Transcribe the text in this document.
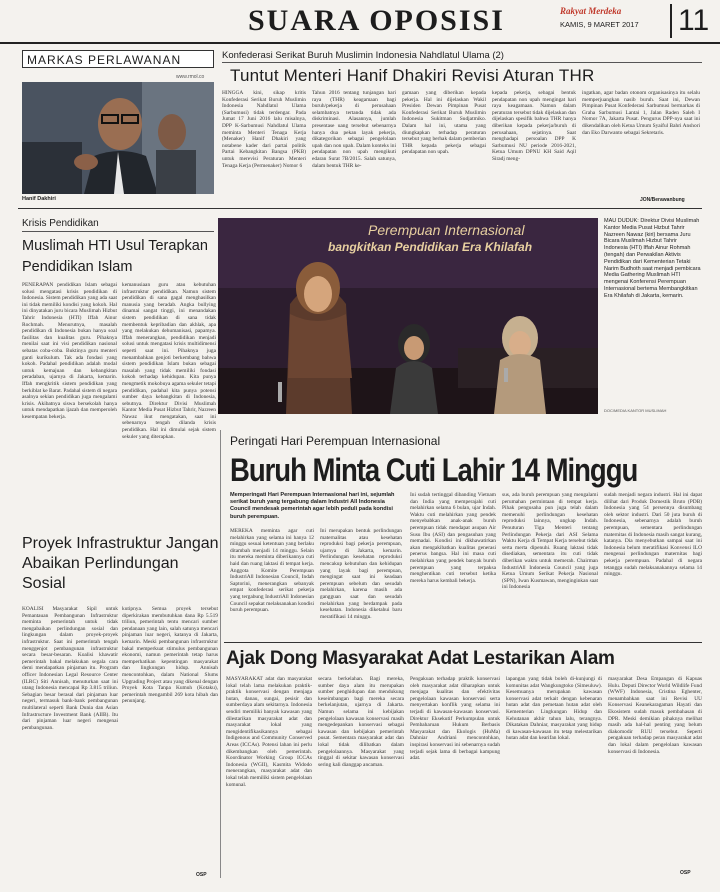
SUARA OPOSISI	Rakyat Merdeka
KAMIS, 9 MARET 2017 11
MARKAS PERLAWANAN
www.rmol.co
Hanif Dakhiri
Konfederasi Serikat Buruh Muslimin Indonesia Nahdlatul Ulama (2)
Tuntut Menteri Hanif Dhakiri Revisi Aturan THR
HINGGA kini, sikap kritis Konfederasi Serikat Buruh Muslimin Indonesia Nahdlatul Ulama (Sarbumusi) tidak terdengar. Pada Jumat 17 Juni 2016 lalu misalnya, DPP K-Sarbumusi Nahdlatul Ulama meminta Menteri Tenaga Kerja (Menaker) Hanif Dhakiri yang notabene kader dari partai politik Partai Kebangkitan Bangsa (PKB) untuk merevisi Peraturan Menteri Tenaga Kerja (Permenaker) Nomor 6
Tahun 2016 tentang tunjangan hari raya (THR) keagamaan bagi buruh/pekerja di perusahaan selambatnya tertanda tidak ada diskriminasi. Alasannya, jumlah presentase uang tersebut sebenarnya hanya dua pekan layak pekerja, dikategorikan sebagai pengelolaan upah dan non upah. Dalam konteks ini pendapatan non upah mengikuti edaran Surat 7B/2015. Salah satunya, dalam bentuk THR ke-
gamaan yang diberikan kepada pekerja. Hal ini dijelaskan Wakil Presiden Dewan Pimpinan Pusat Konfederasi Serikat Buruh Muslimin Indonesia Sukitman Sudjatmiko. Dalam hal ini, utama yang diungkapkan terhadap peraturan tersebut yang berhak dalam pemberian THR kepada pekerja sebagai pendapatan non upah.
kepada pekerja, sebagai bentuk pendapatan non upah mengingat hari raya keagamaan. Namun dalam peraturan tersebut tidak dijelaskan dan dijelaskan spesifik bahwa THR hanya diberikan kepada pekerja/buruh di perusahaan, sejatinya. Saat menghadapi persoalan DPP K Sarbumusi NU periode 2016-2021, Ketua Umum DPNU KH Said Aqil Siradj meng-
ingatkan, agar badan otonom organisasinya itu selalu memperjuangkan nasib buruh. Saat ini, Dewan Pimpinan Pusat Konfederasi Sarbumusi bermarkas di Graha Sarbumusi Lantai 1, Jalan Raden Saleh I Nomor 7A, Jakarta Pusat. Pengurus DPP-nya saat ini dikendalikan oleh Ketua Umum Syaiful Bahri Anshori dan Eko Darwanto sebagai Sekretaris.
JON/Berawanbung
Krisis Pendidikan
Muslimah HTI Usul Terapkan Pendidikan Islam
PENERAPAN pendidikan Islam sebagai solusi mengatasi krisis pendidikan di Indonesia. Sistem pendidikan yang ada saat ini tidak memiliki kondisi yang kokoh. Hal ini dinyatakan juru bicara Muslimah Hizbut Tahrir Indonesia (HTI) Iffah Ainur Rochmah. Menurutnya, masalah pendidikan di Indonesia bukan hanya soal fasilitas dan kualitas guru. Pihaknya menilai saat ini visi pendidikan nasional sebatas coba-coba. Buktinya guru menteri ganti kurikulum. Tak ada fondasi yang kokoh. Padahal pendidikan adalah modal untuk kemajuan dan kebangkitan peradaban, ujarnya di Jakarta, kemarin. Iffah mengkritik sistem pendidikan yang berkiblat ke Barat. Padahal sistem di negara asalnya sekian pendidikan juga mengalami krisis. Akibatnya siswa bersekolah hanya untuk mendapatkan ijazah dan memperoleh kesempatan bekerja.
kemanusiaan guru atau kebutuhan infrastruktur pendidikan. Namun sistem pendidikan di sana gagal menghasilkan manusia yang beradab. Angka bullying dinamai sangat tinggi, ini menandakan sistem pendidikan di sana tidak membentuk kepribadian dan akhlak, apa yang melakukan dehumanisasi, papamya. Iffah menerangkan, pendidikan menjadi solusi untuk mengatasi krisis multidimensi seperti saat ini. Pihaknya juga menambahkan genjoti berkembang bahwa sistem pendidikan Islam bukan sebagai masalah yang tidak memiliki fondasi kokoh terhadap kehidupan. Kita punya mengmetik mokobuya agama sekuler tetapi pendidikan, padahal kita punya potensi sumber daya kebangkitan di Indonesia, sebutnya. Direktur Divisi Muslimah Kantor Media Pusat Hizbut Tahrir, Nazreen Nawaz ikut mengatakan, saat ini sebenarnya tengah dilanda krisis pendidikan. Hal ini dimulai sejak sistem sekuler yang diterapkan.
Perempuan Internasional
bangkitkan Pendidikan Era Khilafah
DOC/MEDIA KANTOR MUSLIMAH
MAU DUDUK: Direktur Divisi Muslimah Kantor Media Pusat Hizbut Tahrir Nazreen Nawaz (kiri) bersama Juru Bicara Muslimah Hizbut Tahrir Indonesia (HTI) Iffah Ainur Rohmah (tengah) dan Perwakilan Aktivis Pendidikan dari Kementerian Tetaki Narim Budhoth saat menjadi pembicara Media Gathering Muslimah HTI mengenai Konferensi Perempuan Internasional bertema Membangkitkan Era Khilafah di Jakarta, kemarin.
Peringati Hari Perempuan Internasional
Buruh Minta Cuti Lahir 14 Minggu
Memperingati Hari Perempuan Internasional hari ini, sejumlah serikat buruh yang tergabung dalam Industri All Indonesia Council mendesak pemerintah agar lebih peduli pada kondisi buruh perempuan.
MEREKA meminta agar cuti melahirkan yang selama ini hanya 12 minggu sesuai ketentuan yang berlaku ditambah menjadi 14 minggu. Selain itu mereka meminta diberikannya cuti haid dan ruang laktasi di tempat kerja. Anggota Komite Perempuan IndustriAll Indonesian Council, Indah Saptorini, menerangkan sebanyak empat konfederasi serikat pekerja yang tergabung IndustriAll Indonesian Council sepakat melaksanakan kondisi buruh perempuan.
Ini merupakan bentuk perlindungan maternalitas atau kesehatan reproduksi bagi pekerja perempuan, ujarnya di Jakarta, kemarin. Perlindungan kesehatan reproduksi mencakup kebutuhan dan kehidupan yang layak bagi perempuan, mengingat saat ini keadaan perempuan sebelum dan sesudah melahirkan, karena masih ada gangguan saat dan sesudah melahirkan yang berdampak pada kesehatan. Indonesia diketahui baru meratifikasi 14 minggu.
Ini sudah tertinggal dibanding Vietnam dan India yang memperajahi cuti melahirkan selama 6 bulan, ujar Indah. Waktu cuti melahirkan yang pendek menyebabkan anak-anak buruh perempuan tidak mendapat asupan Air Susu Ibu (ASI) dan pengasuhan yang memadai. Kondisi ini dikhawatirkan akan mengakibatkan kualitas generasi penerus bangsa. Hal ini masa cuti melahirkan yang pendek banyak buruh perempuan yang terpaksa menghentikan cuti tersebut ketika mereka harus kembali bekerja.
sus, ada buruh perempuan yang mengalami perumahan permintaan di tempat kerja. Pihak pengusaha pun juga telah dalam memenuhi perlindungan kesehatan reproduksi lainnya, ungkap Indah. Penuturan Tiga Menteri tentang Perlindungan Pekerja dari ASI Selama Waktu Kerja di Tempat Kerja tersebut tidak serta merta dipenuhi. Ruang laktasi tidak disediakan, sementara itu cuti tidak diberikan waktu untuk memerah. Chairman IndustriAll Indonesia Council yang juga Ketua Umum Serikat Pekerja Nasional (SPN), Iwan Kusmawan, menginginkan saat ini Indonesia
sudah menjadi negara industri. Hal ini dapat dilihat dari Produk Domestik Bruto (PDB) Indonesia yang 54 persennya disumbang oleh sektor industri. Dari 50 juta buruh di Indonesia, sebenarnya adalah buruh perempuan, sementara perlindungan maternitas di Indonesia masih sangat kurang, katanya. Dia menyebutkan sampai saat ini Indonesia belum meratifikasi Konvensi ILO mengenai perlindungan maternitas bagi pekerja perempuan. Padahal di negara tetangga sudah melaksanakannya selama 14 minggu.
Proyek Infrastruktur Jangan Abaikan Perlindungan Sosial
KOALISI Masyarakat Sipil untuk Pemantauan Pembangunan Infrastruktur meminta pemerintah untuk tidak mengabaikan perlindungan sosial dan lingkungan dalam proyek-proyek infrastruktur. Saat ini pemerintah tengah menggenjot pembangunan infrastruktur secara besar-besaran. Koalisi khawatir pemerintah bakal melakukan segala cara demi mendapatkan pinjaman itu. Program officer Indonesian Legal Resource Center (ILRC) Siti Annisah, menuturkan saat ini utang Indonesia mencapai Rp 3.815 triliun. Sebagian besar berasal dari pinjaman luar negeri, termasuk bank-bank pembangunan multilateral seperti Bank Dunia dan Asian Infrastructure Investment Bank (AIIB). Itu dari pinjaman luar negeri mengenai pembangunan.
kutipnya. Semua proyek tersebut diperkirakan membutuhkan dana Rp 5.519 triliun, pemerintah tentu mencari sumber pendanaan yang lain, salah satunya mencari pinjaman luar negeri, katanya di Jakarta, kemarin. Meski pembangunan infrastruktur bakal memperkuat stimulus pembangunan ekonomi, namun pemerintah tetap harus memperhatikan kepentingan masyarakat dan lingkungan hidup. Annisah mencontohkan, dalam National Slums Upgrading Project atau yang dikenal dengan Proyek Kota Tanpa Kumuh (Kotaku), pemerintah mengambil 269 kota hibah dan penunjang.
OSP
Ajak Dong Masyarakat Adat Lestarikan Alam
MASYARAKAT adat dan masyarakat lokal telah lama melakukan praktik-praktik konservasi dengan menjaga hutan, danau, sungai, pesisir dan sumberdaya alam sekitarnya. Indonesia sendiri memiliki banyak kawasan yang dilestarikan masyarakat adat dan masyarakat lokal yang mengidentifikasikannya sebagai Indigenous and Community Conserved Areas (ICCAs). Potensi lahan ini perlu dikembangkan oleh pemerintah. Koordinator Working Group ICCAs Indonesia (WGII), Kasmita Widodo menerangkan, masyarakat adat dan lokal telah memiliki sistem pengelolaan komunal.
secara berkelahan. Bagi mereka, sumber daya alam itu merupakan sumber penghidupan dan mendukung keseimbangan bagi mereka secara berkelanjutan, ujarnya di Jakarta. Namun selama ini kebijakan pengelolaan kawasan konservasi masih mengedepankan konservasi sebagai kawasan dan kebijakan pemerintah pusat. Sementara masyarakat adat dan lokal tidak dilibatkan dalam pengelolaannya. Masyarakat yang tinggal di sekitar kawasan konservasi sering kali dianggap ancaman.
Pengakuan terhadap praktik konservasi oleh masyarakat adat diharapkan untuk menjaga kualitas dan efektivitas pengelolaan kawasan konservasi serta menyertakan konflik yang selama ini terjadi di kawasan-kawasan konservasi. Direktur Eksekutif Perkumpulan untuk Pembaharuan Hukum Berbasis Masyarakat dan Ekologis (HuMa) Dahniar Andriani mencontohkan, inspirasi konservasi ini sebenarnya sudah terjadi sejak lama di berbagai kampung adat.
lapangan yang tidak boleh di-kunjungi di komunitas adat Wangkungtoko (Simeuluw). Kesemuanya merupakan kawasan konservasi adat terkait dengan kebenaran hutan adat dan pemetaan hutan adat oleh Kementerian Lingkungan Hidup dan Kehutanan akhir tahun lalu, terangnya. Dikatakan Dahniar, masyarakat yang hidup di kawasan-kawasan itu tetap melestarikan hutan adat dan kearifan lokal.
masyarakat Desa Empangan di Kapuas Hulu. Deputi Director World Wildlife Fund (WWF) Indonesia, Cristina Eghenter, menambahkan saat ini Revisi UU Konservasi Keanekaragaman Hayati dan Ekosistem sudah masuk pembahasan di DPR. Meski demikian pihaknya melihat masih ada hal-hal penting yang belum diakomodir RUU tersebut. Seperti pengakuan terhadap peran masyarakat adat dan lokal dalam pengelolaan kawasan konservasi di Indonesia.
OSP
